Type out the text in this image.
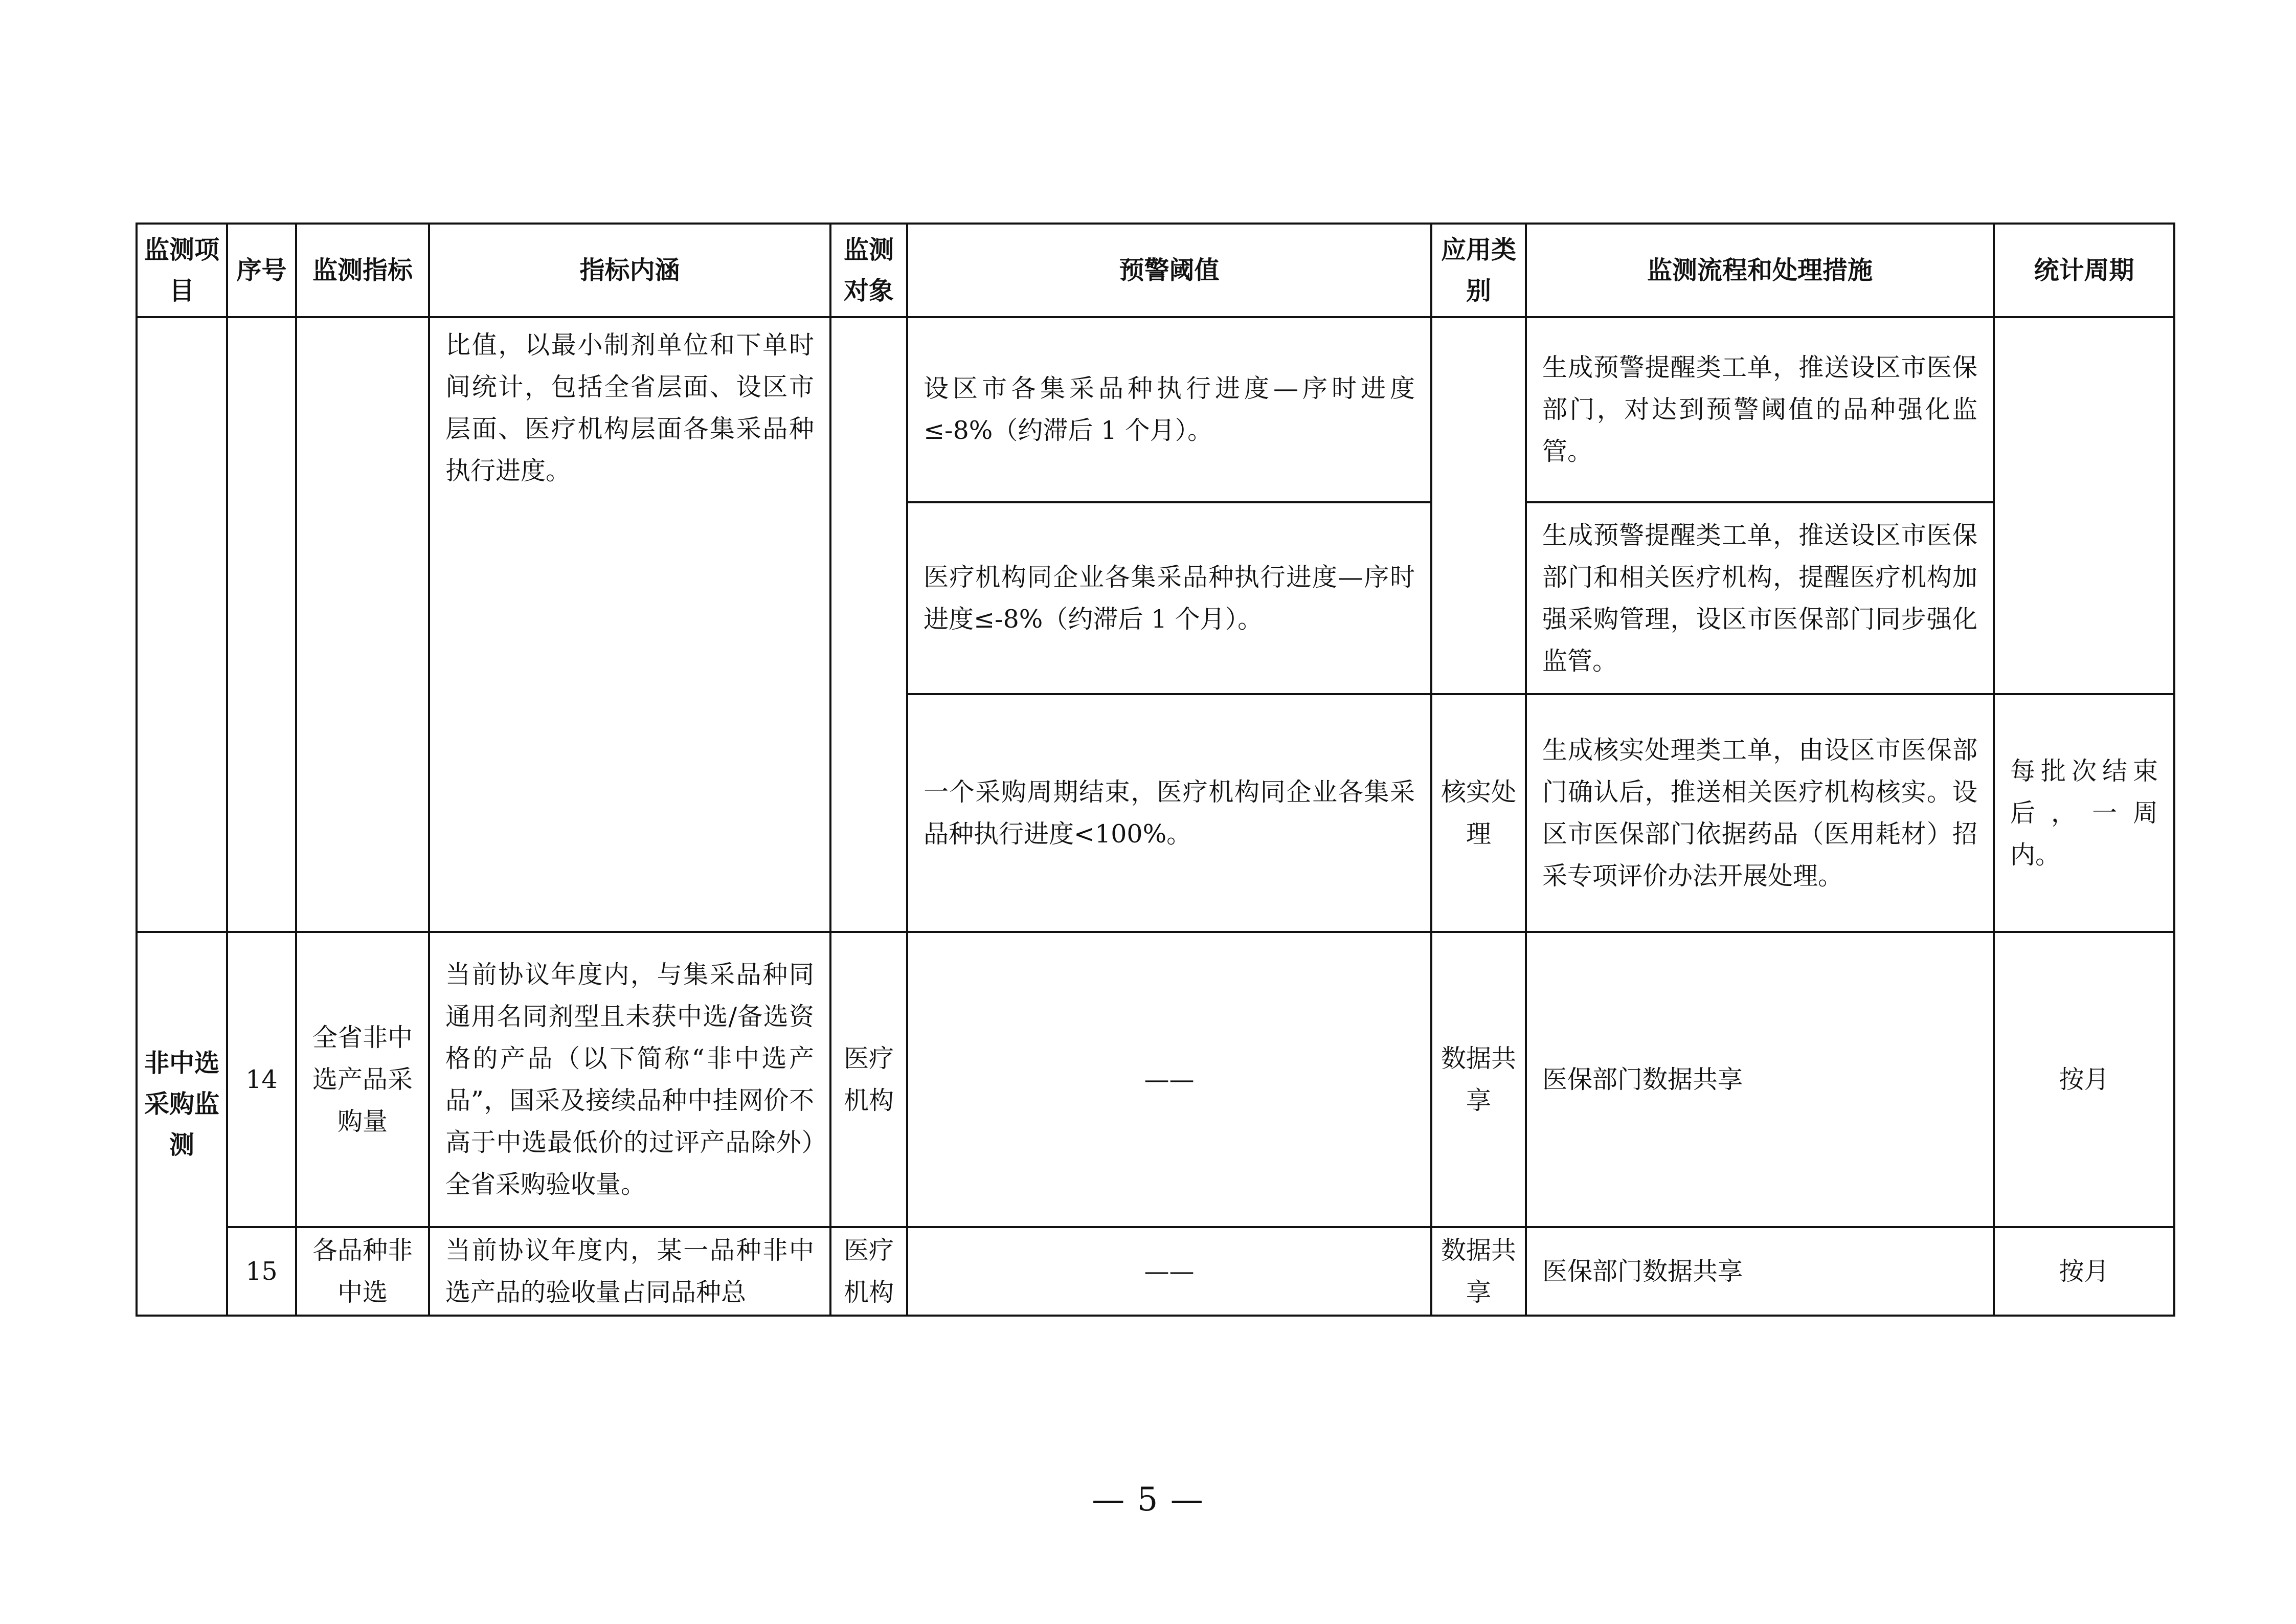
监测项目	序号	监测指标	指标内涵	监测对象	预警阈值	应用类别	监测流程和处理措施	统计周期
			比值，以最小制剂单位和下单时间统计，包括全省层面、设区市层面、医疗机构层面各集采品种执行进度。		设区市各集采品种执行进度—序时进度≤-8%（约滞后 1 个月）。		生成预警提醒类工单，推送设区市医保部门，对达到预警阈值的品种强化监管。	
					医疗机构同企业各集采品种执行进度—序时进度≤-8%（约滞后 1 个月）。		生成预警提醒类工单，推送设区市医保部门和相关医疗机构，提醒医疗机构加强采购管理，设区市医保部门同步强化监管。	
					一个采购周期结束，医疗机构同企业各集采品种执行进度<100%。	核实处理	生成核实处理类工单，由设区市医保部门确认后，推送相关医疗机构核实。设区市医保部门依据药品（医用耗材）招采专项评价办法开展处理。	每批次结束后，一周内。
非中选采购监测	14	全省非中选产品采购量	当前协议年度内，与集采品种同通用名同剂型且未获中选/备选资格的产品（以下简称“非中选产品”，国采及接续品种中挂网价不高于中选最低价的过评产品除外）全省采购验收量。	医疗机构	——	数据共享	医保部门数据共享	按月
	15	各品种非中选	当前协议年度内，某一品种非中选产品的验收量占同品种总	医疗机构	——	数据共享	医保部门数据共享	按月
— 5 —
